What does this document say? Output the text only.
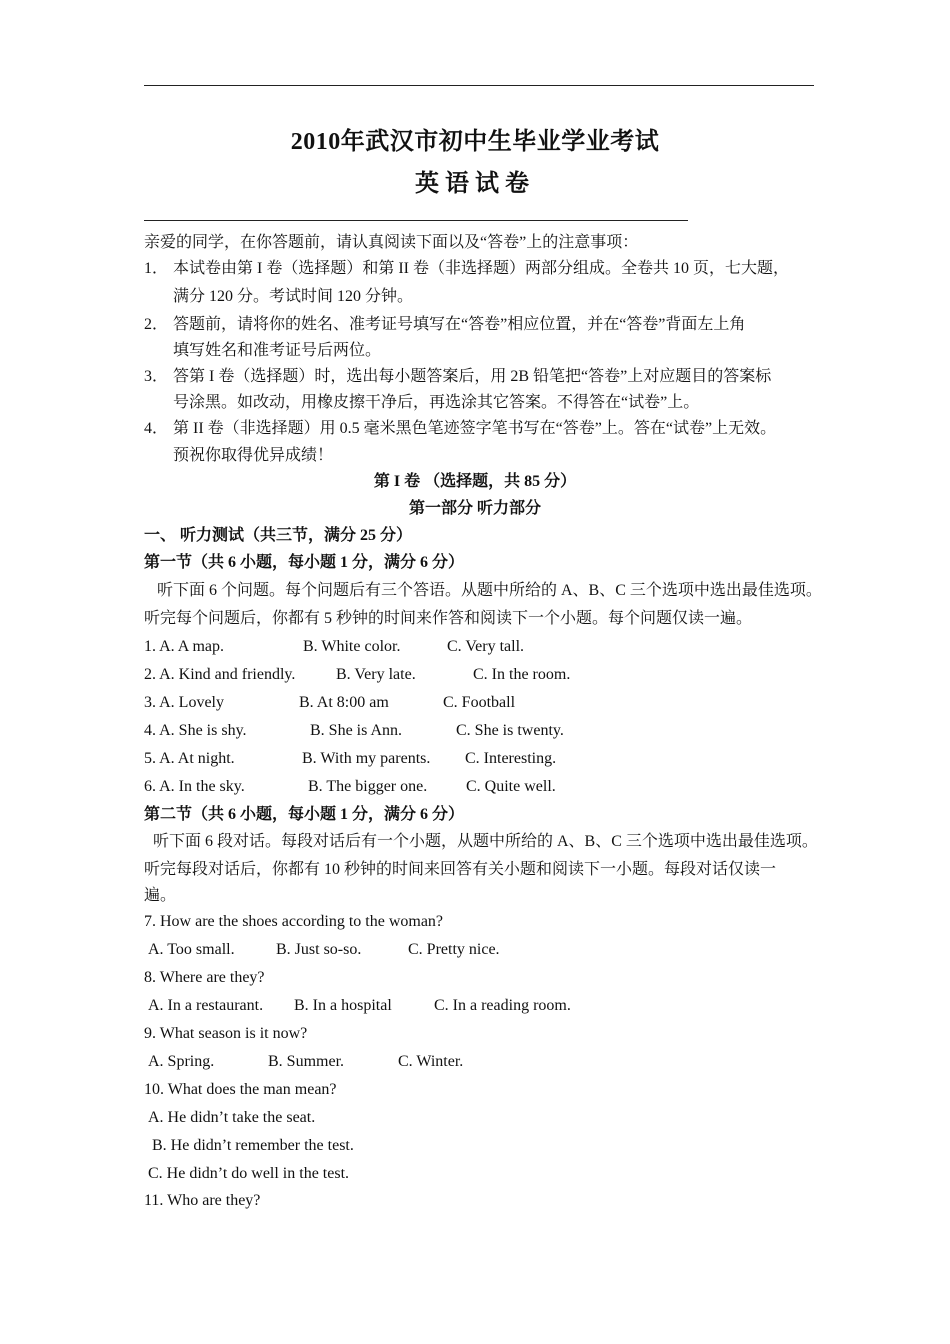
2010年武汉市初中生毕业学业考试
英语试卷
亲爱的同学，在你答题前，请认真阅读下面以及“答卷”上的注意事项：
1． 本试卷由第 I 卷（选择题）和第 II 卷（非选择题）两部分组成。全卷共 10 页，七大题，
满分 120 分。考试时间 120 分钟。
2． 答题前，请将你的姓名、准考证号填写在“答卷”相应位置，并在“答卷”背面左上角
填写姓名和准考证号后两位。
3． 答第 I 卷（选择题）时，选出每小题答案后，用 2B 铅笔把“答卷”上对应题目的答案标
号涂黑。如改动，用橡皮擦干净后，再选涂其它答案。不得答在“试卷”上。
4． 第 II 卷（非选择题）用 0.5 毫米黑色笔迹签字笔书写在“答卷”上。答在“试卷”上无效。
预祝你取得优异成绩！
第 I 卷 （选择题，共 85 分）
第一部分 听力部分
一、 听力测试（共三节，满分 25 分）
第一节（共 6 小题，每小题 1 分，满分 6 分）
听下面 6 个问题。每个问题后有三个答语。从题中所给的 A、B、C 三个选项中选出最佳选项。
听完每个问题后，你都有 5 秒钟的时间来作答和阅读下一个小题。每个问题仅读一遍。
1. A. A map.	B. White color.	C. Very tall.
2. A. Kind and friendly.	B. Very late.	C. In the room.
3. A. Lovely	B. At 8:00 am	C. Football
4. A. She is shy.	B. She is Ann.	C. She is twenty.
5. A. At night.	B. With my parents. C. Interesting.
6. A. In the sky.	B. The bigger one. C. Quite well.
第二节（共 6 小题，每小题 1 分，满分 6 分）
听下面 6 段对话。每段对话后有一个小题，从题中所给的 A、B、C 三个选项中选出最佳选项。
听完每段对话后，你都有 10 秒钟的时间来回答有关小题和阅读下一小题。每段对话仅读一
遍。
7. How are the shoes according to the woman?
A. Too small.	B. Just so-so.	C. Pretty nice.
8. Where are they?
A. In a restaurant. B. In a hospital	C. In a reading room.
9. What season is it now?
A. Spring.	B. Summer.	C. Winter.
10. What does the man mean?
A. He didn’t take the seat.
B. He didn’t remember the test.
C. He didn’t do well in the test.
11. Who are they?
